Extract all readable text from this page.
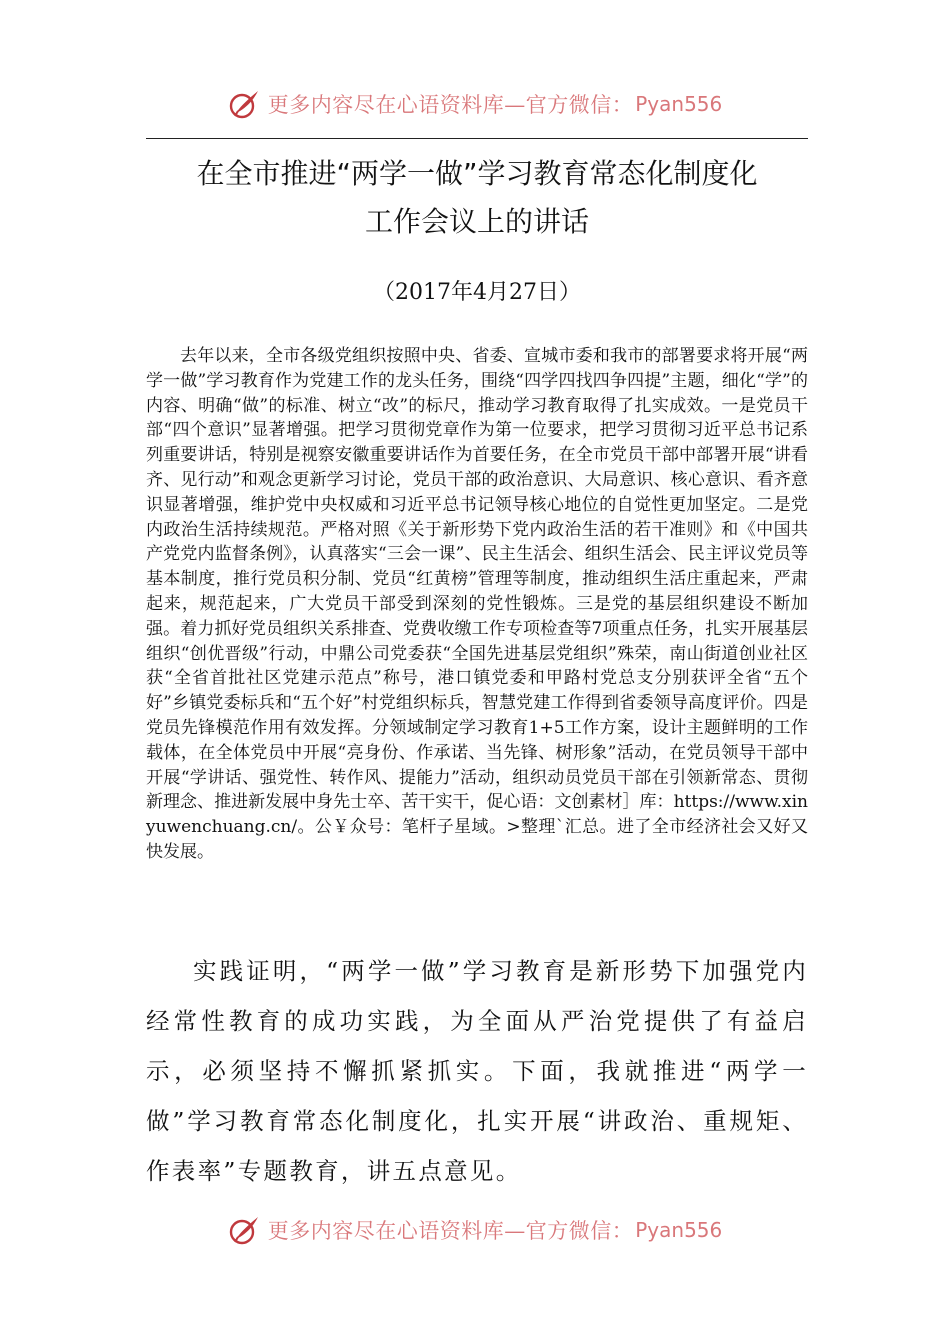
更多内容尽在心语资料库—官方微信： Pyan556
在全市推进“两学一做”学习教育常态化制度化
工作会议上的讲话
（2017年4月27日）

去年以来，全市各级党组织按照中央、省委、宣城市委和我市的部署要求将开展“两学一做”学习教育作为党建工作的龙头任务，围绕“四学四找四争四提”主题，细化“学”的内容、明确“做”的标准、树立“改”的标尺，推动学习教育取得了扎实成效。一是党员干部“四个意识”显著增强。把学习贯彻党章作为第一位要求，把学习贯彻习近平总书记系列重要讲话，特别是视察安徽重要讲话作为首要任务，在全市党员干部中部署开展“讲看齐、见行动”和观念更新学习讨论，党员干部的政治意识、大局意识、核心意识、看齐意识显著增强，维护党中央权威和习近平总书记领导核心地位的自觉性更加坚定。二是党内政治生活持续规范。严格对照《关于新形势下党内政治生活的若干准则》和《中国共产党党内监督条例》，认真落实“三会一课”、民主生活会、组织生活会、民主评议党员等基本制度，推行党员积分制、党员“红黄榜”管理等制度，推动组织生活庄重起来，严肃起来，规范起来，广大党员干部受到深刻的党性锻炼。三是党的基层组织建设不断加强。着力抓好党员组织关系排查、党费收缴工作专项检查等7项重点任务，扎实开展基层组织“创优晋级”行动，中鼎公司党委获“全国先进基层党组织”殊荣，南山街道创业社区获“全省首批社区党建示范点”称号，港口镇党委和甲路村党总支分别获评全省“五个好”乡镇党委标兵和“五个好”村党组织标兵，智慧党建工作得到省委领导高度评价。四是党员先锋模范作用有效发挥。分领域制定学习教育1+5工作方案，设计主题鲜明的工作载体，在全体党员中开展“亮身份、作承诺、当先锋、树形象”活动，在党员领导干部中开展“学讲话、强党性、转作风、提能力”活动，组织动员党员干部在引领新常态、贯彻新理念、推进新发展中身先士卒、苦干实干，促心语：文创素材］库：https://www.xinyuwenchuang.cn/。公￥众号：笔杆子星域。>整理`汇总。进了全市经济社会又好又快发展。

实践证明，“两学一做”学习教育是新形势下加强党内经常性教育的成功实践，为全面从严治党提供了有益启示，必须坚持不懈抓紧抓实。下面，我就推进“两学一做”学习教育常态化制度化，扎实开展“讲政治、重规矩、作表率”专题教育，讲五点意见。

更多内容尽在心语资料库—官方微信： Pyan556
